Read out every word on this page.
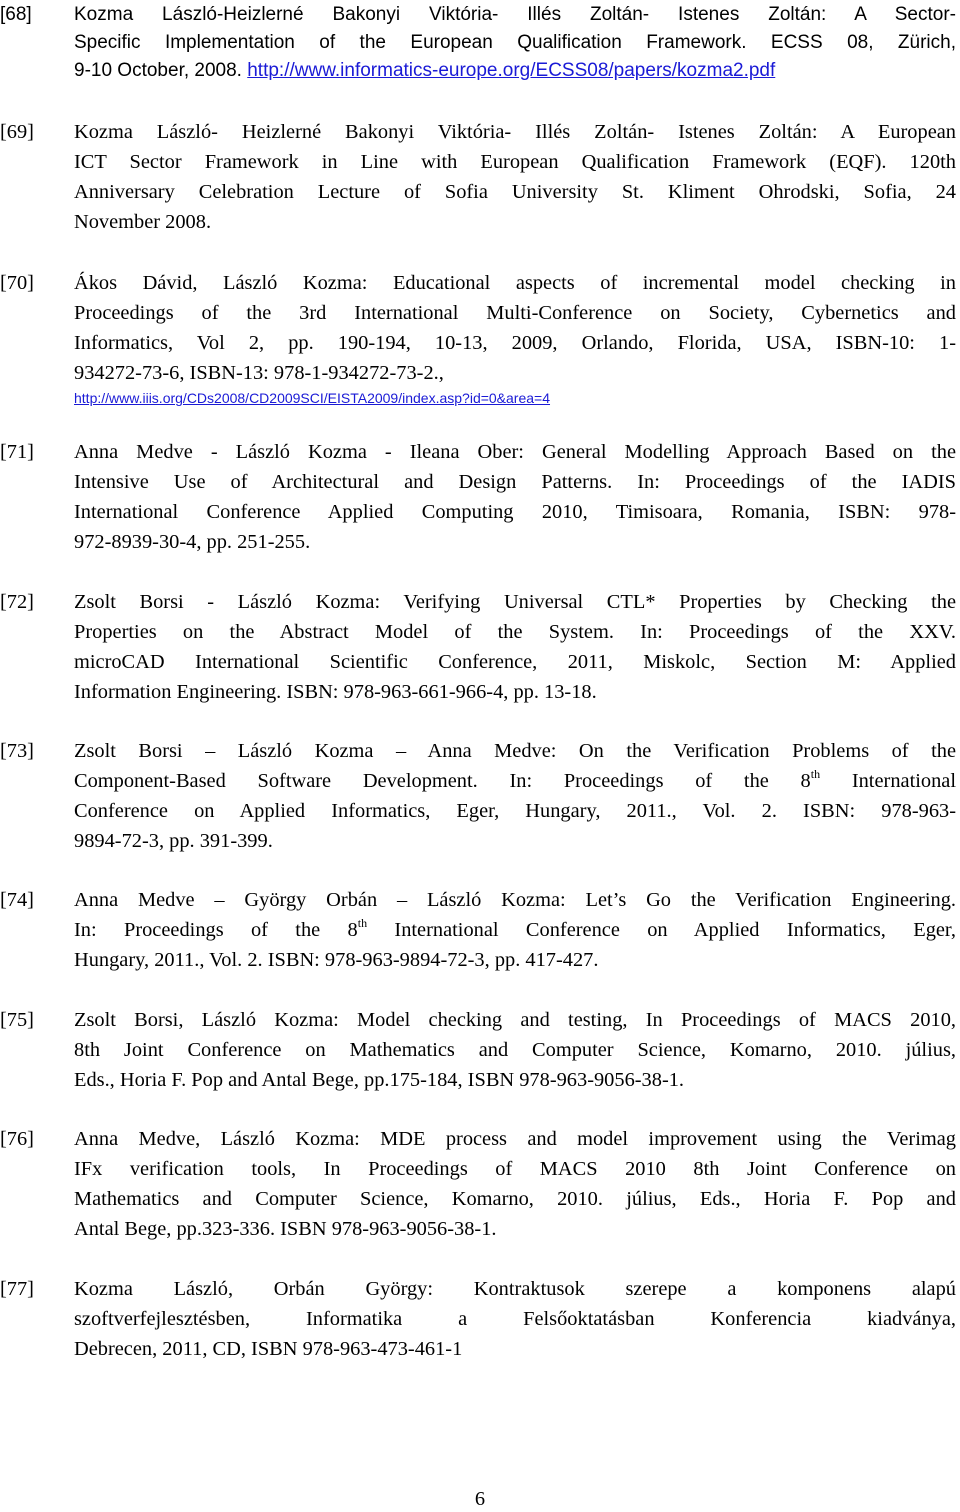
[68] Kozma László-Heizlerné Bakonyi Viktória- Illés Zoltán- Istenes Zoltán: A Sector-
Specific Implementation of the European Qualification Framework. ECSS 08, Zürich,
9-10 October, 2008. http://www.informatics-europe.org/ECSS08/papers/kozma2.pdf
[69] Kozma László- Heizlerné Bakonyi Viktória- Illés Zoltán- Istenes Zoltán: A European
ICT Sector Framework in Line with European Qualification Framework (EQF). 120th
Anniversary Celebration Lecture of Sofia University St. Kliment Ohrodski, Sofia, 24
November 2008.
[70] Ákos Dávid, László Kozma: Educational aspects of incremental model checking in
Proceedings of the 3rd International Multi-Conference on Society, Cybernetics and
Informatics, Vol 2, pp. 190-194, 10-13, 2009, Orlando, Florida, USA, ISBN-10: 1-
934272-73-6, ISBN-13: 978-1-934272-73-2.,
http://www.iiis.org/CDs2008/CD2009SCI/EISTA2009/index.asp?id=0&area=4
[71] Anna Medve - László Kozma - Ileana Ober: General Modelling Approach Based on the
Intensive Use of Architectural and Design Patterns. In: Proceedings of the IADIS
International Conference Applied Computing 2010, Timisoara, Romania, ISBN: 978-
972-8939-30-4, pp. 251-255.
[72] Zsolt Borsi - László Kozma: Verifying Universal CTL* Properties by Checking the
Properties on the Abstract Model of the System. In: Proceedings of the XXV.
microCAD International Scientific Conference, 2011, Miskolc, Section M: Applied
Information Engineering. ISBN: 978-963-661-966-4, pp. 13-18.
[73] Zsolt Borsi – László Kozma – Anna Medve: On the Verification Problems of the
Component-Based Software Development. In: Proceedings of the 8th International
Conference on Applied Informatics, Eger, Hungary, 2011., Vol. 2. ISBN: 978-963-
9894-72-3, pp. 391-399.
[74] Anna Medve – György Orbán – László Kozma: Let’s Go the Verification Engineering.
In: Proceedings of the 8th International Conference on Applied Informatics, Eger,
Hungary, 2011., Vol. 2. ISBN: 978-963-9894-72-3, pp. 417-427.
[75] Zsolt Borsi, László Kozma: Model checking and testing, In Proceedings of MACS 2010,
8th Joint Conference on Mathematics and Computer Science, Komarno, 2010. július,
Eds., Horia F. Pop and Antal Bege, pp.175-184, ISBN 978-963-9056-38-1.
[76] Anna Medve, László Kozma: MDE process and model improvement using the Verimag
IFx verification tools, In Proceedings of MACS 2010 8th Joint Conference on
Mathematics and Computer Science, Komarno, 2010. július, Eds., Horia F. Pop and
Antal Bege, pp.323-336. ISBN 978-963-9056-38-1.
[77] Kozma László, Orbán György: Kontraktusok szerepe a komponens alapú
szoftverfejlesztésben, Informatika a Felsőoktatásban Konferencia kiadványa,
Debrecen, 2011, CD, ISBN 978-963-473-461-1
6
